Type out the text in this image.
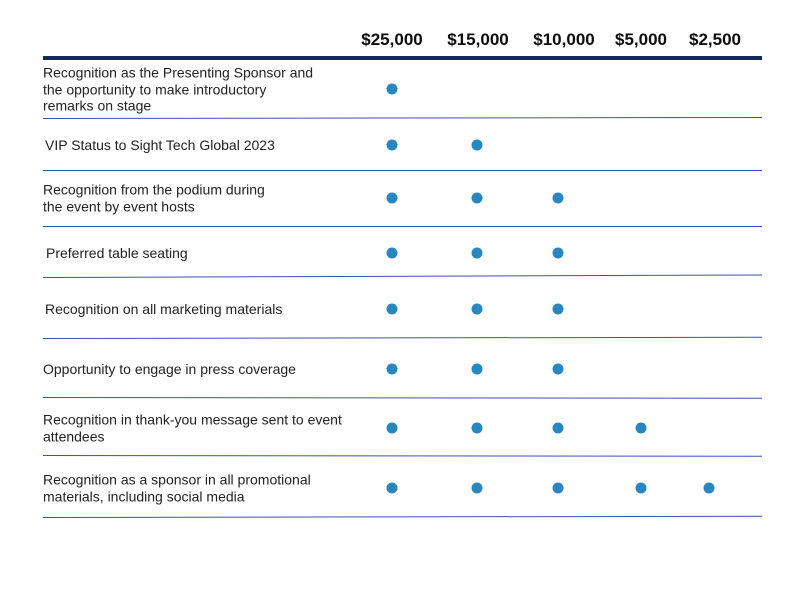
$25,000 $15,000 $10,000 $5,000 $2,500
Recognition as the Presenting Sponsor and
the opportunity to make introductory
remarks on stage
VIP Status to Sight Tech Global 2023
Recognition from the podium during
the event by event hosts
Preferred table seating
Recognition on all marketing materials
Opportunity to engage in press coverage
Recognition in thank-you message sent to event
attendees
Recognition as a sponsor in all promotional
materials, including social media
